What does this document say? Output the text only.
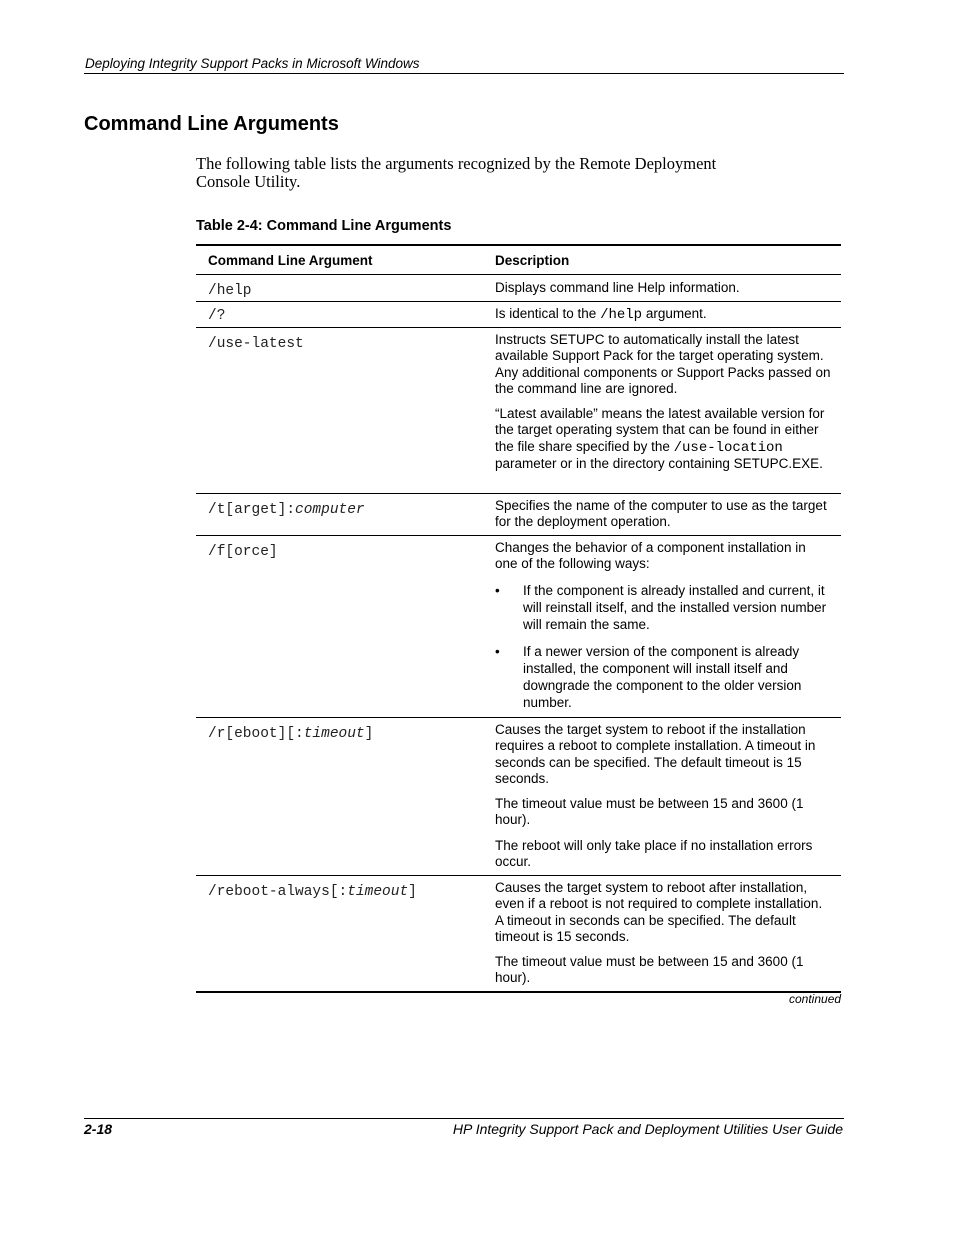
Deploying Integrity Support Packs in Microsoft Windows
Command Line Arguments
The following table lists the arguments recognized by the Remote Deployment Console Utility.
Table 2-4: Command Line Arguments
Command Line Argument	Description
/help	Displays command line Help information.

/?	Is identical to the /help argument.

/use-latest	Instructs SETUPC to automatically install the latest available Support Pack for the target operating system. Any additional components or Support Packs passed on the command line are ignored.

“Latest available” means the latest available version for the target operating system that can be found in either the file share specified by the /use-location parameter or in the directory containing SETUPC.EXE.

/t[arget]:computer	Specifies the name of the computer to use as the target for the deployment operation.

/f[orce]	Changes the behavior of a component installation in one of the following ways:

• If the component is already installed and current, it will reinstall itself, and the installed version number will remain the same.
• If a newer version of the component is already installed, the component will install itself and downgrade the component to the older version number.
/r[eboot][:timeout]	Causes the target system to reboot if the installation requires a reboot to complete installation. A timeout in seconds can be specified. The default timeout is 15 seconds.

The timeout value must be between 15 and 3600 (1 hour).

The reboot will only take place if no installation errors occur.

/reboot-always[:timeout]	Causes the target system to reboot after installation, even if a reboot is not required to complete installation. A timeout in seconds can be specified. The default timeout is 15 seconds.

The timeout value must be between 15 and 3600 (1 hour).

continued
2-18	HP Integrity Support Pack and Deployment Utilities User Guide
